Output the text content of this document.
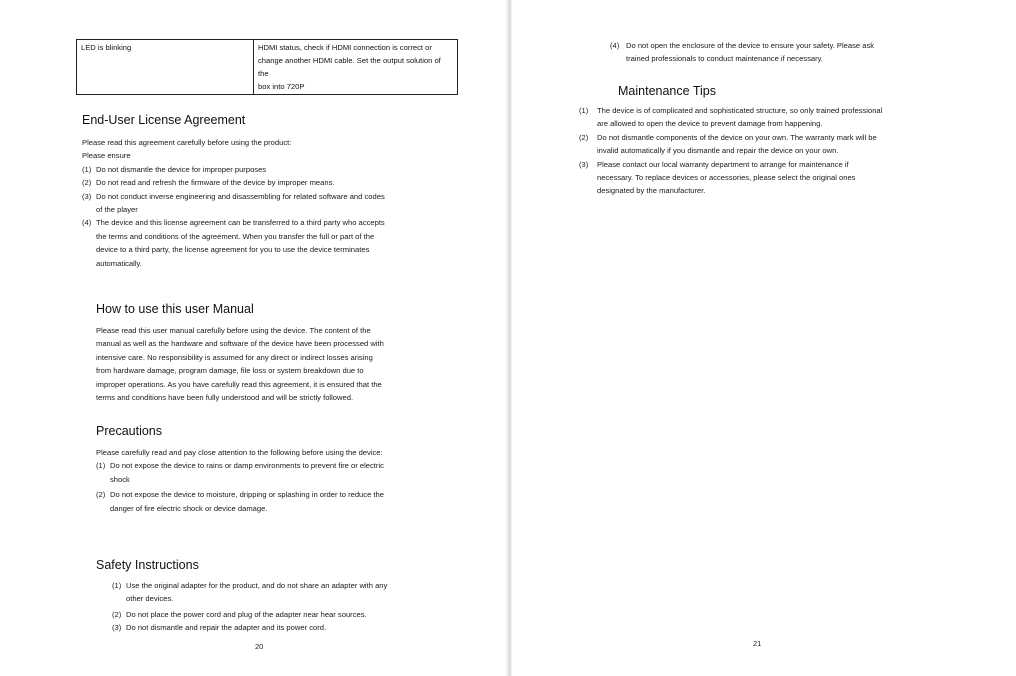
LED is blinking	HDMI status, check if HDMI connection is correct or
change another HDMI cable. Set the output solution of the
box into 720P
End-User License Agreement
Please read this agreement carefully before using the product:
Please ensure
(1) Do not dismantle the device for improper purposes
(2) Do not read and refresh the firmware of the device by improper means.
(3) Do not conduct inverse engineering and disassembling for related software and codes
of the player
(4) The device and this license agreement can be transferred to a third party who accepts
the terms and conditions of the agreement. When you transfer the full or part of the
device to a third party, the license agreement for you to use the device terminates
automatically.
How to use this user Manual
Please read this user manual carefully before using the device. The content of the
manual as well as the hardware and software of the device have been processed with
intensive care. No responsibility is assumed for any direct or indirect losses arising
from hardware damage, program damage, file loss or system breakdown due to
improper operations. As you have carefully read this agreement, it is ensured that the
terms and conditions have been fully understood and will be strictly followed.
Precautions
Please carefully read and pay close attention to the following before using the device:
(1) Do not expose the device to rains or damp environments to prevent fire or electric
shock
(2) Do not expose the device to moisture, dripping or splashing in order to reduce the
danger of fire electric shock or device damage.
Safety Instructions
(1) Use the original adapter for the product, and do not share an adapter with any
other devices.
(2) Do not place the power cord and plug of the adapter near hear sources.
(3) Do not dismantle and repair the adapter and its power cord.
20
(4) Do not open the enclosure of the device to ensure your safety. Please ask
trained professionals to conduct maintenance if necessary.
Maintenance Tips
(1)	The device is of complicated and sophisticated structure, so only trained professional
are allowed to open the device to prevent damage from happening.
(2)	Do not dismantle components of the device on your own. The warranty mark will be
invalid automatically if you dismantle and repair the device on your own.
(3)	Please contact our local warranty department to arrange for maintenance if
necessary. To replace devices or accessories, please select the original ones
designated by the manufacturer.
21
